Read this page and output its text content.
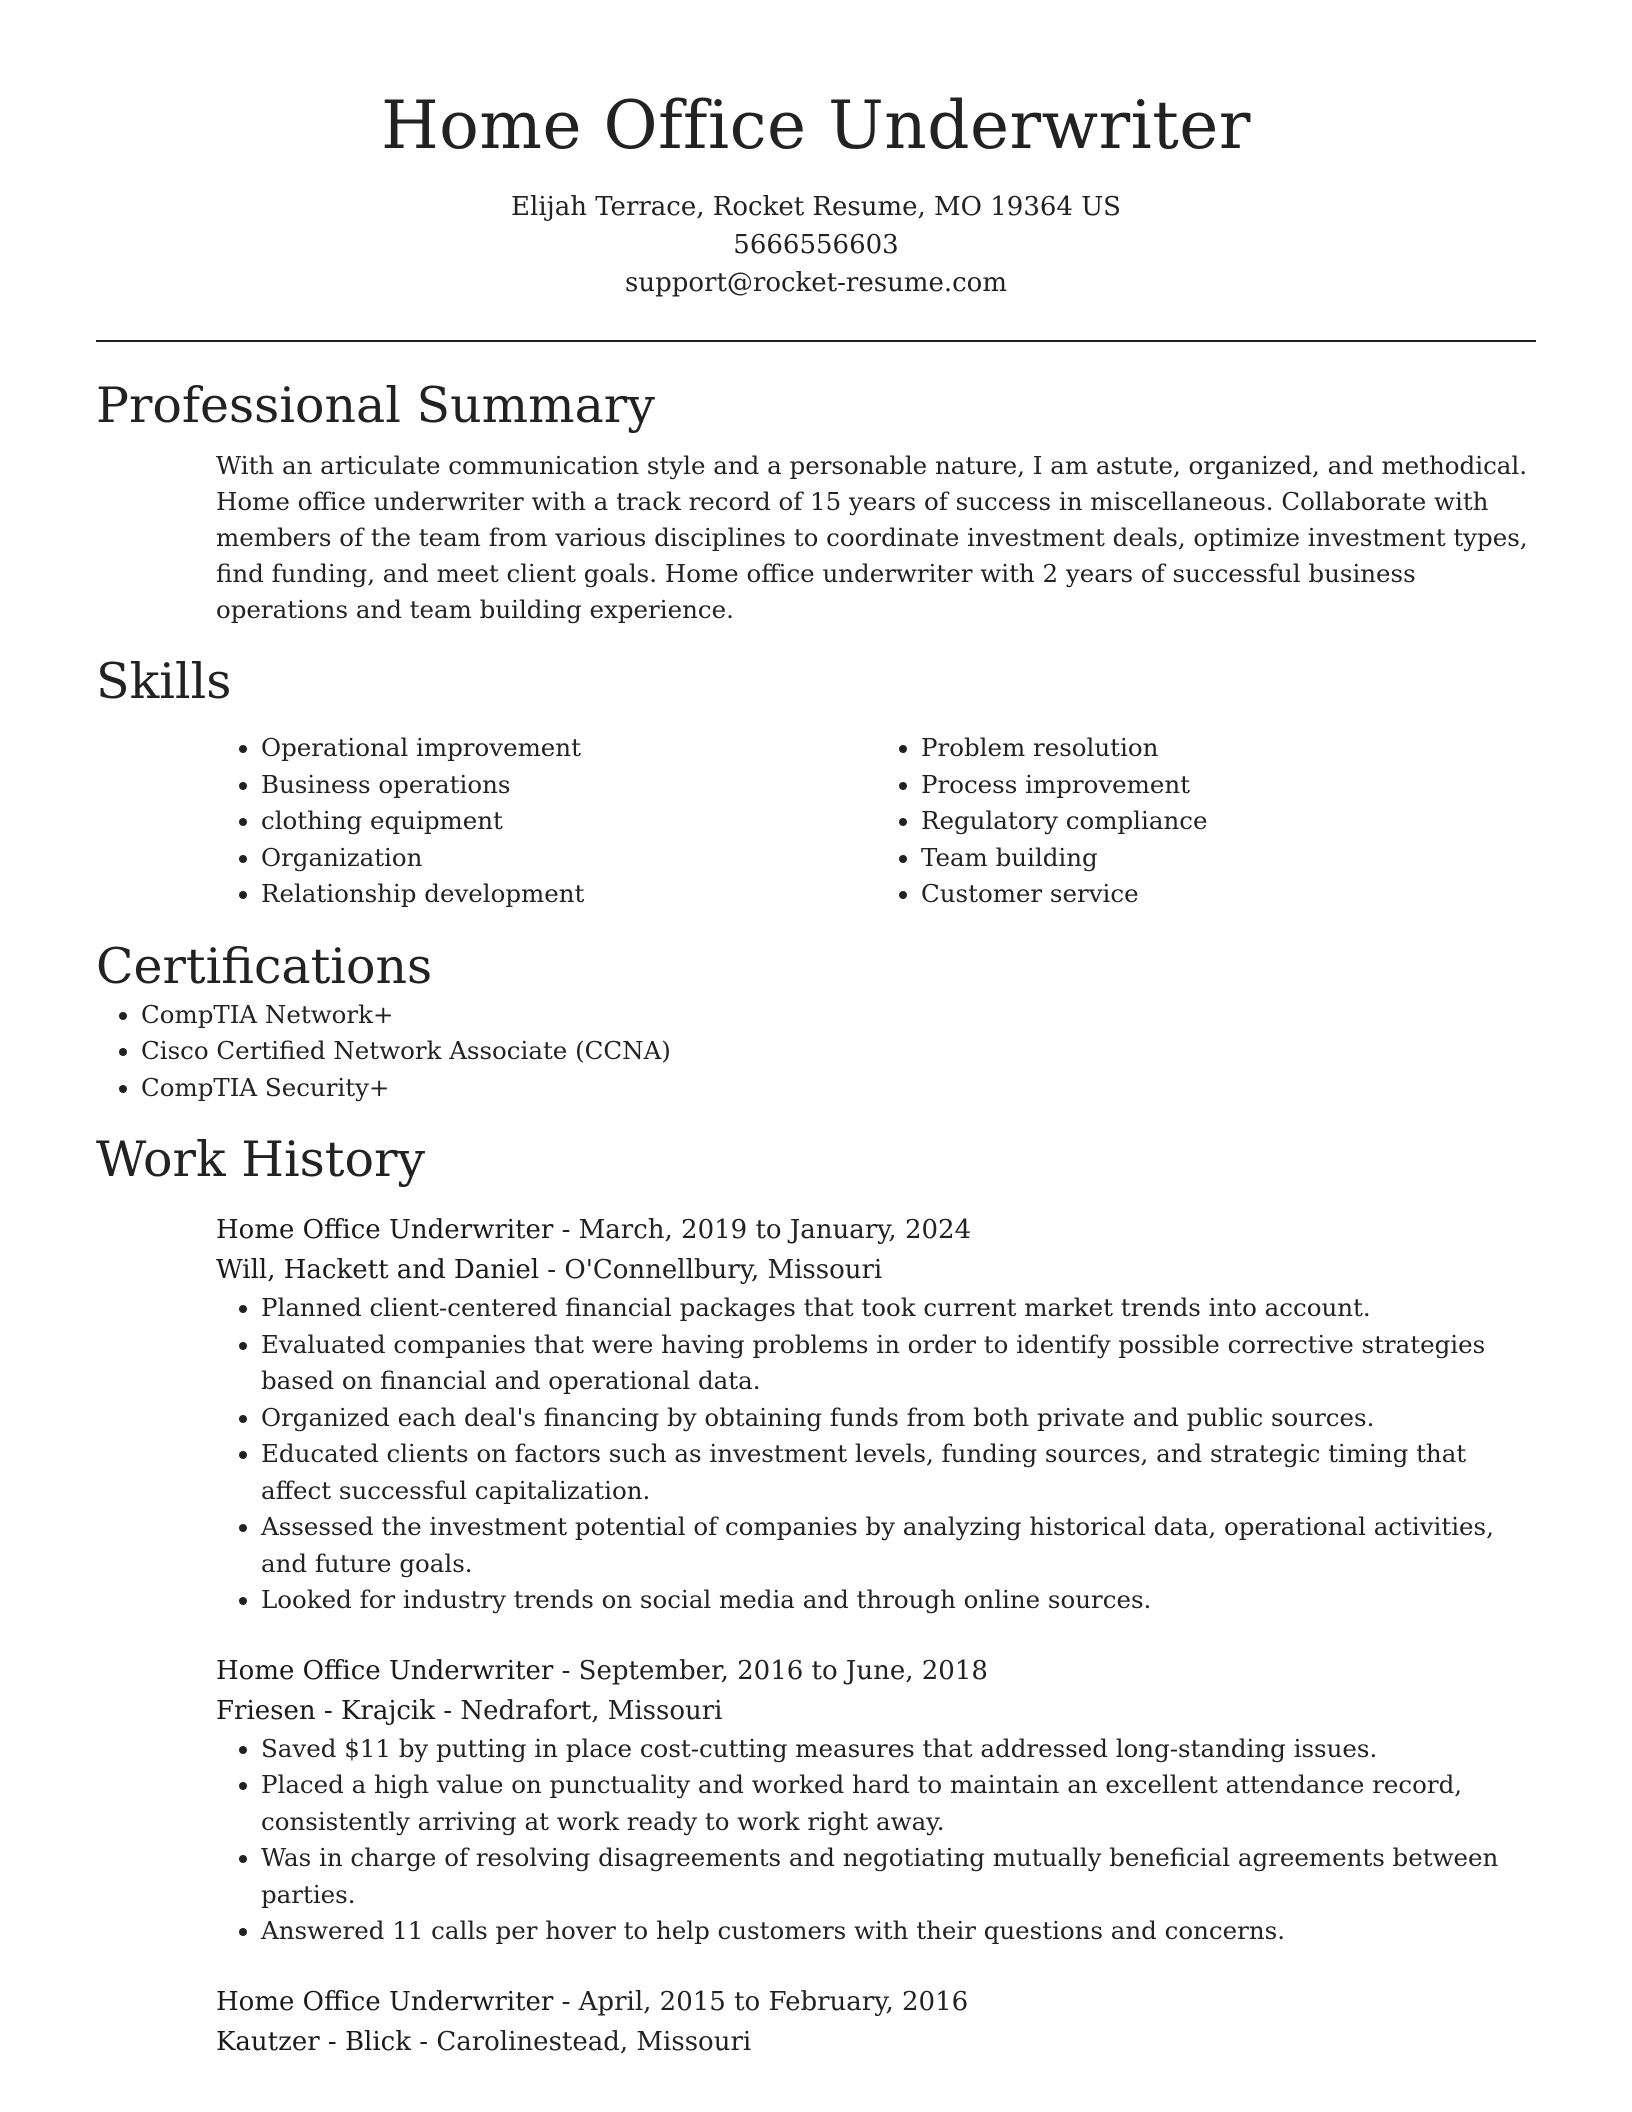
Home Office Underwriter
Elijah Terrace, Rocket Resume, MO 19364 US
5666556603
support@rocket-resume.com
Professional Summary

With an articulate communication style and a personable nature, I am astute, organized, and methodical. Home office underwriter with a track record of 15 years of success in miscellaneous. Collaborate with members of the team from various disciplines to coordinate investment deals, optimize investment types, find funding, and meet client goals. Home office underwriter with 2 years of successful business operations and team building experience.

Skills
• Operational improvement
• Business operations
• clothing equipment
• Organization
• Relationship development
• Problem resolution
• Process improvement
• Regulatory compliance
• Team building
• Customer service
Certifications
• CompTIA Network+
• Cisco Certified Network Associate (CCNA)
• CompTIA Security+
Work History
Home Office Underwriter - March, 2019 to January, 2024
Will, Hackett and Daniel - O'Connellbury, Missouri
• Planned client-centered financial packages that took current market trends into account.
• Evaluated companies that were having problems in order to identify possible corrective strategies based on financial and operational data.
• Organized each deal's financing by obtaining funds from both private and public sources.
• Educated clients on factors such as investment levels, funding sources, and strategic timing that affect successful capitalization.
• Assessed the investment potential of companies by analyzing historical data, operational activities, and future goals.
• Looked for industry trends on social media and through online sources.
Home Office Underwriter - September, 2016 to June, 2018
Friesen - Krajcik - Nedrafort, Missouri
• Saved $11 by putting in place cost-cutting measures that addressed long-standing issues.
• Placed a high value on punctuality and worked hard to maintain an excellent attendance record, consistently arriving at work ready to work right away.
• Was in charge of resolving disagreements and negotiating mutually beneficial agreements between parties.
• Answered 11 calls per hover to help customers with their questions and concerns.
Home Office Underwriter - April, 2015 to February, 2016
Kautzer - Blick - Carolinestead, Missouri
